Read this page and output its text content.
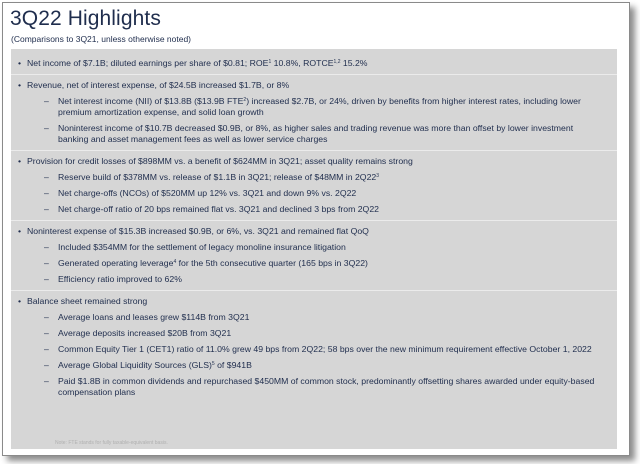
3Q22 Highlights
(Comparisons to 3Q21, unless otherwise noted)
• Net income of $7.1B; diluted earnings per share of $0.81; ROE$^1$ 10.8%, ROTCE$^{1,2}$ 15.2%
• Revenue, net of interest expense, of $24.5B increased $1.7B, or 8%
– Net interest income (NII) of $13.8B ($13.9B FTE$^2$) increased $2.7B, or 24%, driven by benefits from higher interest rates, including lower premium amortization expense, and solid loan growth
– Noninterest income of $10.7B decreased $0.9B, or 8%, as higher sales and trading revenue was more than offset by lower investment banking and asset management fees as well as lower service charges
• Provision for credit losses of $898MM vs. a benefit of $624MM in 3Q21; asset quality remains strong
– Reserve build of $378MM vs. release of $1.1B in 3Q21; release of $48MM in $2Q22^3$
– Net charge-offs (NCOs) of $520MM up 12% vs. 3Q21 and down 9% vs. 2Q22
– Net charge-off ratio of 20 bps remained flat vs. 3Q21 and declined 3 bps from 2Q22
• Noninterest expense of $15.3B increased $0.9B, or 6%, vs. 3Q21 and remained flat QoQ
– Included $354MM for the settlement of legacy monoline insurance litigation
– Generated operating leverage$^4$ for the 5th consecutive quarter (165 bps in 3Q22)
– Efficiency ratio improved to 62%
• Balance sheet remained strong
– Average loans and leases grew $114B from 3Q21
– Average deposits increased $20B from 3Q21
– Common Equity Tier 1 (CET1) ratio of 11.0% grew 49 bps from 2Q22; 58 bps over the new minimum requirement effective October 1, 2022
– Average Global Liquidity Sources (GLS)$^5$ of $941B
– Paid $1.8B in common dividends and repurchased $450MM of common stock, predominantly offsetting shares awarded under equity-based compensation plans
Note: FTE stands for fully taxable-equivalent basis.
